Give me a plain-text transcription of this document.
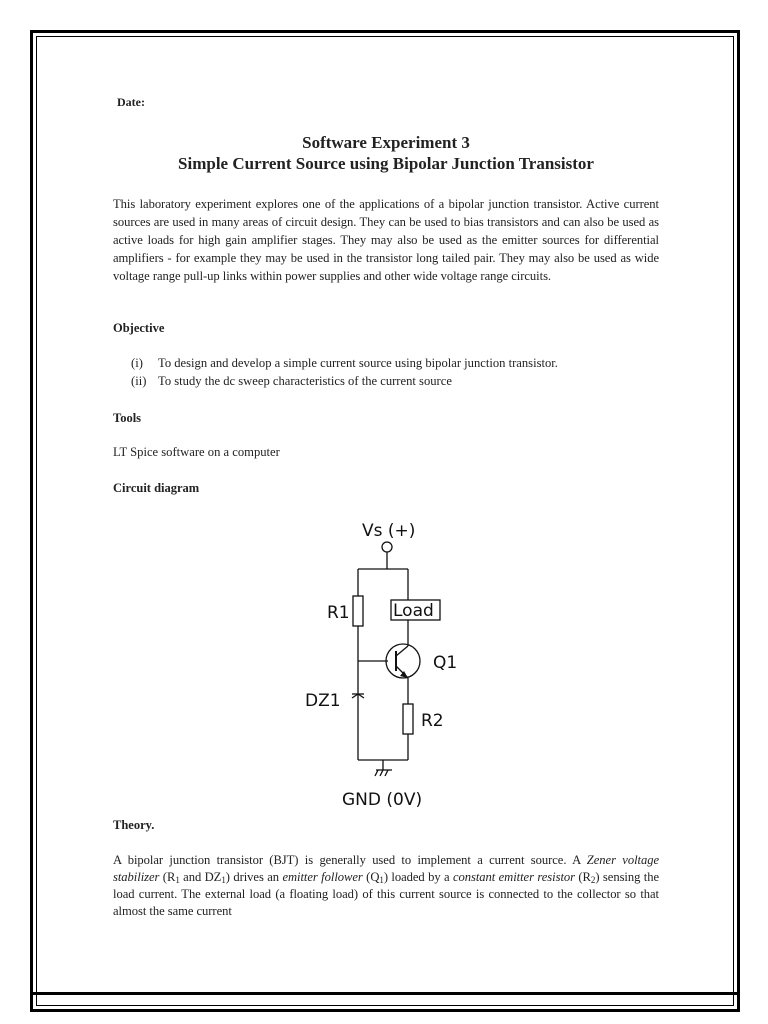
Date:
Software Experiment 3
Simple Current Source using Bipolar Junction Transistor
This laboratory experiment explores one of the applications of a bipolar junction transistor. Active current sources are used in many areas of circuit design. They can be used to bias transistors and can also be used as active loads for high gain amplifier stages. They may also be used as the emitter sources for differential amplifiers - for example they may be used in the transistor long tailed pair. They may also be used as wide voltage range pull-up links within power supplies and other wide voltage range circuits.
Objective
(i)	To design and develop a simple current source using bipolar junction transistor.
(ii) To study the dc sweep characteristics of the current source
Tools
LT Spice software on a computer
Circuit diagram
Theory.
A bipolar junction transistor (BJT) is generally used to implement a current source. A Zener voltage stabilizer ($R_1$ and $DZ_1$) drives an emitter follower $(Q_1)$ loaded by a constant emitter resistor $(R_2)$ sensing the load current. The external load (a floating load) of this current source is connected to the collector so that almost the same current
Vs (+)
R1	Load
Q1
DZ1
R2
GND (0V)
